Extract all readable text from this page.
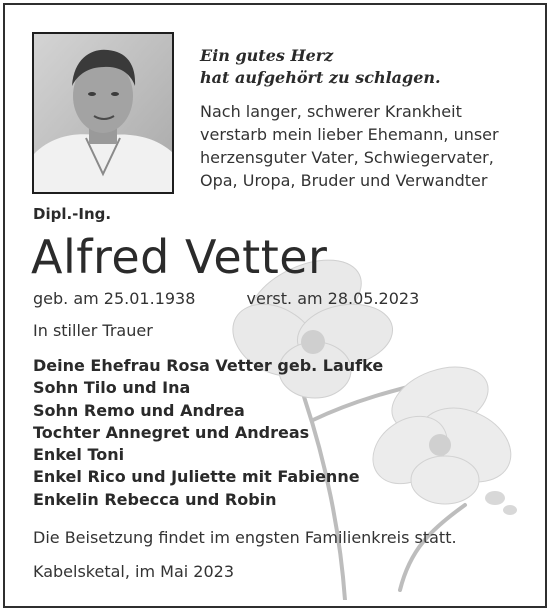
Ein gutes Herz
hat aufgehört zu schlagen.

Nach langer, schwerer Krankheit
verstarb mein lieber Ehemann, unser
herzensguter Vater, Schwiegervater,
Opa, Uropa, Bruder und Verwandter

Dipl.-Ing.
Alfred Vetter
geb. am 25.01.1938	verst. am 28.05.2023
In stiller Trauer
Deine Ehefrau Rosa Vetter geb. Laufke
Sohn Tilo und Ina
Sohn Remo und Andrea
Tochter Annegret und Andreas
Enkel Toni
Enkel Rico und Juliette mit Fabienne
Enkelin Rebecca und Robin
Die Beisetzung findet im engsten Familienkreis statt.
Kabelsketal, im Mai 2023
